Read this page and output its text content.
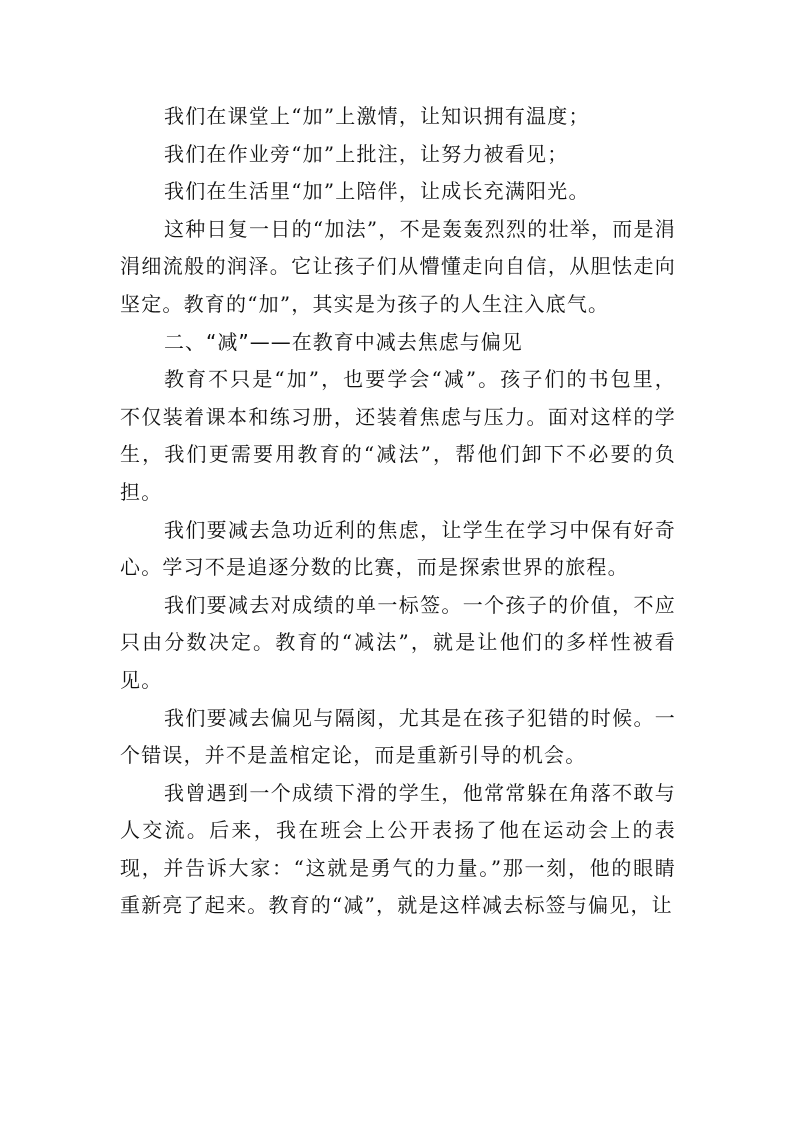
我们在课堂上“加”上激情，让知识拥有温度；

我们在作业旁“加”上批注，让努力被看见；

我们在生活里“加”上陪伴，让成长充满阳光。

这种日复一日的“加法”，不是轰轰烈烈的壮举，而是涓涓细流般的润泽。它让孩子们从懵懂走向自信，从胆怯走向坚定。教育的“加”，其实是为孩子的人生注入底气。

二、“减”——在教育中减去焦虑与偏见

教育不只是“加”，也要学会“减”。孩子们的书包里，不仅装着课本和练习册，还装着焦虑与压力。面对这样的学生，我们更需要用教育的“减法”，帮他们卸下不必要的负担。

我们要减去急功近利的焦虑，让学生在学习中保有好奇心。学习不是追逐分数的比赛，而是探索世界的旅程。

我们要减去对成绩的单一标签。一个孩子的价值，不应只由分数决定。教育的“减法”，就是让他们的多样性被看见。

我们要减去偏见与隔阂，尤其是在孩子犯错的时候。一个错误，并不是盖棺定论，而是重新引导的机会。

我曾遇到一个成绩下滑的学生，他常常躲在角落不敢与人交流。后来，我在班会上公开表扬了他在运动会上的表现，并告诉大家：“这就是勇气的力量。”那一刻，他的眼睛重新亮了起来。教育的“减”，就是这样减去标签与偏见，让
